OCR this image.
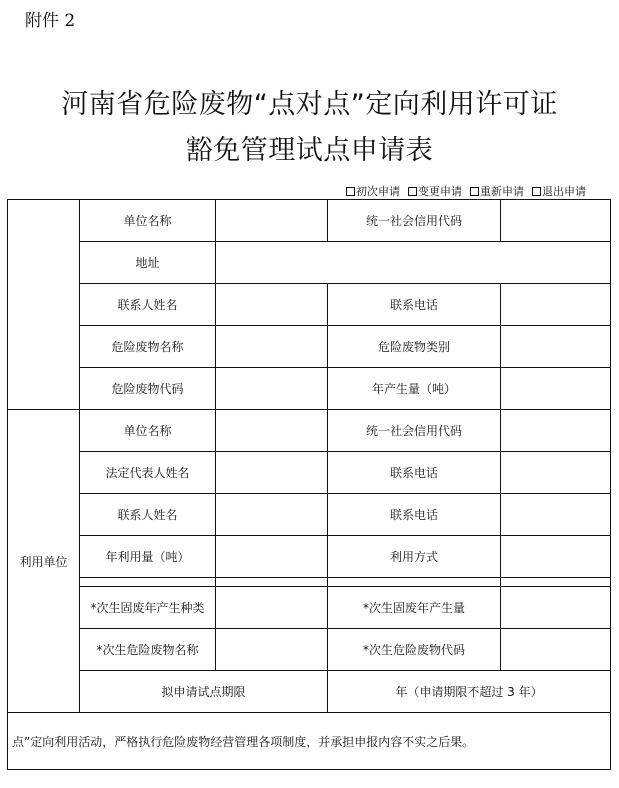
附件 2
河南省危险废物“点对点”定向利用许可证
豁免管理试点申请表
初次申请 变更申请 重新申请 退出申请
	单位名称		统一社会信用代码	
	地址			
	联系人姓名		联系电话	
	危险废物名称		危险废物类别	
	危险废物代码		年产生量（吨）	
利用单位	单位名称		统一社会信用代码	
	法定代表人姓名		联系电话	
	联系人姓名		联系电话	
	年利用量（吨）		利用方式	

	*次生固废年产生种类		*次生固废年产生量	
	*次生危险废物名称		*次生危险废物代码	
	拟申请试点期限		年（申请期限不超过 3 年）	
点”定向利用活动，严格执行危险废物经营管理各项制度，并承担申报内容不实之后果。				
